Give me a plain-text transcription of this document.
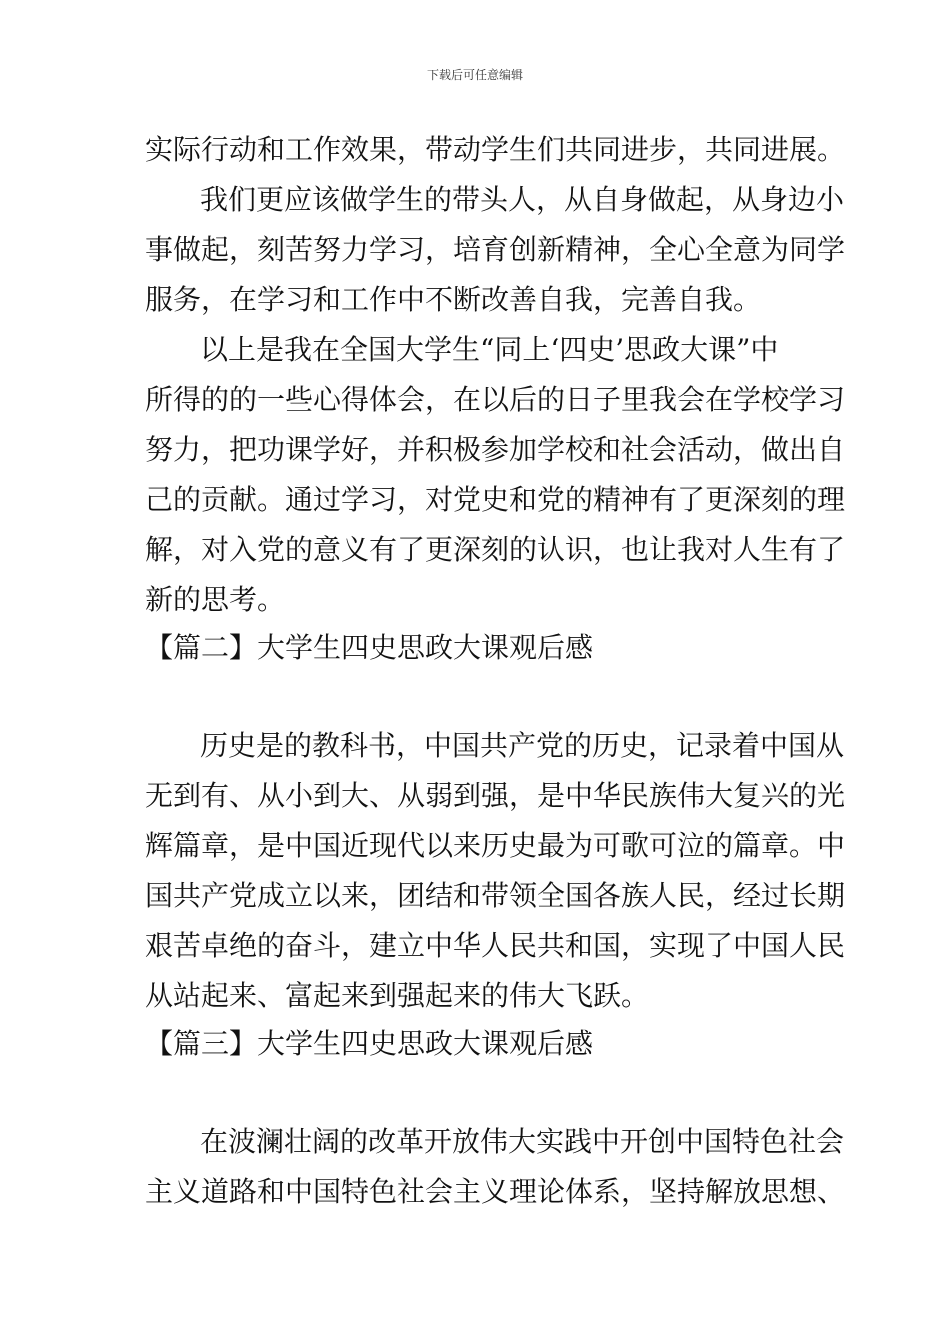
下载后可任意编辑
实际行动和工作效果，带动学生们共同进步，共同进展。
我们更应该做学生的带头人，从自身做起，从身边小
事做起，刻苦努力学习，培育创新精神，全心全意为同学
服务，在学习和工作中不断改善自我，完善自我。
以上是我在全国大学生“同上‘四史’思政大课”中
所得的的一些心得体会，在以后的日子里我会在学校学习
努力，把功课学好，并积极参加学校和社会活动，做出自
己的贡献。通过学习，对党史和党的精神有了更深刻的理
解，对入党的意义有了更深刻的认识，也让我对人生有了
新的思考。
【篇二】大学生四史思政大课观后感
历史是的教科书，中国共产党的历史，记录着中国从
无到有、从小到大、从弱到强，是中华民族伟大复兴的光
辉篇章，是中国近现代以来历史最为可歌可泣的篇章。中
国共产党成立以来，团结和带领全国各族人民，经过长期
艰苦卓绝的奋斗，建立中华人民共和国，实现了中国人民
从站起来、富起来到强起来的伟大飞跃。
【篇三】大学生四史思政大课观后感
在波澜壮阔的改革开放伟大实践中开创中国特色社会
主义道路和中国特色社会主义理论体系，坚持解放思想、
